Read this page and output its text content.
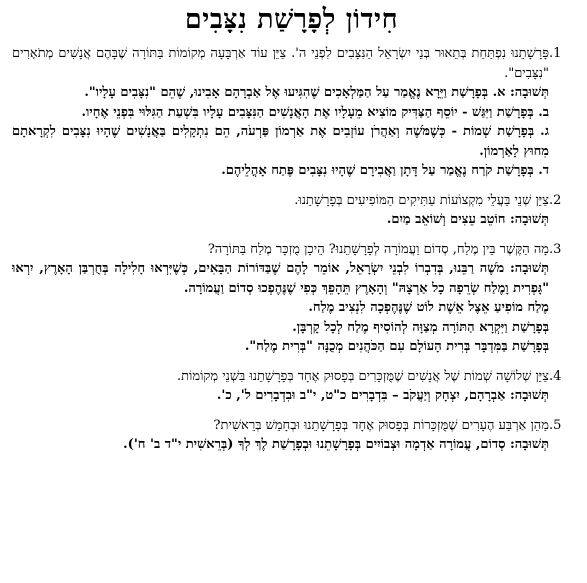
חִידוֹן לְפָרָשַׁת נִצָּבִים
1.
פָּרָשָׁתֵנוּ נִפְתַּחַת בְּתֵאוּר בְּנֵי יִשְׂרָאֵל הַנִּצָּבִים לִפְנֵי ה'. צַיֵּן עוֹד אַרְבָּעָה מְקוֹמוֹת בַּתּוֹרָה שֶׁבָּהֶם אֲנָשִׁים מְתֹאָרִים "נִצָּבִים".
תְּשׁוּבָה: א. בְּפָרָשַׁת וַיֵּרָא נֶאֱמַר עַל הַמַּלְאָכִים שֶׁהִגִּיעוּ אֶל אַבְרָהָם אָבִינוּ, שֶׁהֵם "נִצָּבִים עָלָיו".
ב. בְּפָרָשַׁת וַיִּגַּשׁ - יוֹסֵף הַצַּדִּיק מוֹצִיא מֵעָלָיו אֶת הָאֲנָשִׁים הַנִּצָּבִים עָלָיו בִּשְׁעַת הַגִּלּוּי בִּפְנֵי אֶחָיו.
ג. בְּפָרָשַׁת שְׁמוֹת - כְּשֶׁמֹּשֶׁה וְאַהֲרֹן עוֹזְבִים אֶת אַרְמוֹן פַּרְעֹה, הֵם נִתְקָלִים בַּאֲנָשִׁים שֶׁהָיוּ נִצָּבִים לִקְרָאתָם מִחוּץ לָאַרְמוֹן.
ד. בְּפָרָשַׁת קֹרַח נֶאֱמַר עַל דָּתָן וַאֲבִירָם שֶׁהָיוּ נִצָּבִים פֶּתַח אָהֳלֵיהֶם.
2.
צַיֵּן שְׁנֵי בַּעֲלֵי מִקְצוֹעוֹת עַתִּיקִים הַמּוֹפִיעִים בְּפָרָשָׁתֵנוּ.
תְּשׁוּבָה: חוֹטֵב עֵצִים וְשׁוֹאֵב מַיִם.
3.
מָה הַקֶּשֶׁר בֵּין מֶלַח, סְדוֹם וַעֲמוֹרָה לְפָרָשָׁתֵנוּ? הֵיכָן מֻזְכָּר מֶלַח בַּתּוֹרָה?
תְּשׁוּבָה: מֹשֶׁה רַבֵּנוּ, בְּדִבְרוֹ לִבְנֵי יִשְׂרָאֵל, אוֹמֵר לָהֶם שֶׁבַּדּוֹרוֹת הַבָּאִים, כְּשֶׁיִּרְאוּ חָלִילָה בְּחֻרְבַּן הָאָרֶץ, יִרְאוּ "גָּפְרִית וָמֶלַח שְׂרֵפָה כָל אַרְצָהּ" וְהָאָרֶץ תֵּהָפֵךְ כְּפִי שֶׁנֶּהֶפְכוּ סְדוֹם וַעֲמוֹרָה.
מֶלַח מוֹפִיעַ אֵצֶל אֵשֶׁת לוֹט שֶׁנֶּהֶפְכָה לִנְצִיב מֶלַח.
בְּפָרָשַׁת וַיִּקְרָא הַתּוֹרָה מְצַוָּה לְהוֹסִיף מֶלַח לְכָל קָרְבָּן.
בְּפָרָשַׁת בַּמִּדְבָּר בְּרִית הָעוֹלָם עִם הַכֹּהֲנִים מְכֻנָּה "בְּרִית מֶלַח".
4.
צַיֵּן שְׁלוֹשָׁה שְׁמוֹת שֶׁל אֲנָשִׁים שֶׁמֻּזְכָּרִים בְּפָסוּק אֶחָד בְּפָרָשָׁתֵנוּ בִּשְׁנֵי מְקוֹמוֹת.
תְּשׁוּבָה: אַבְרָהָם, יִצְחָק וְיַעֲקֹב – בִּדְבָרִים כ"ט, י"ב וּבִדְבָרִים ל', כ'.
5.
מַהֵן אַרְבַּע הֶעָרִים שֶׁמֻּזְכָּרוֹת בְּפָסוּק אֶחָד בְּפָרָשָׁתֵנוּ וּבְחָמֵשׁ בְּרֵאשִׁית?
תְּשׁוּבָה: סְדוֹם, עֲמוֹרָה אַדְמָה וּצְבוֹיִים בְּפָרָשָׁתֵנוּ וּבְפָרָשַׁת לֶךְ לְךָ (בְּרֵאשִׁית י"ד ב' ח').
